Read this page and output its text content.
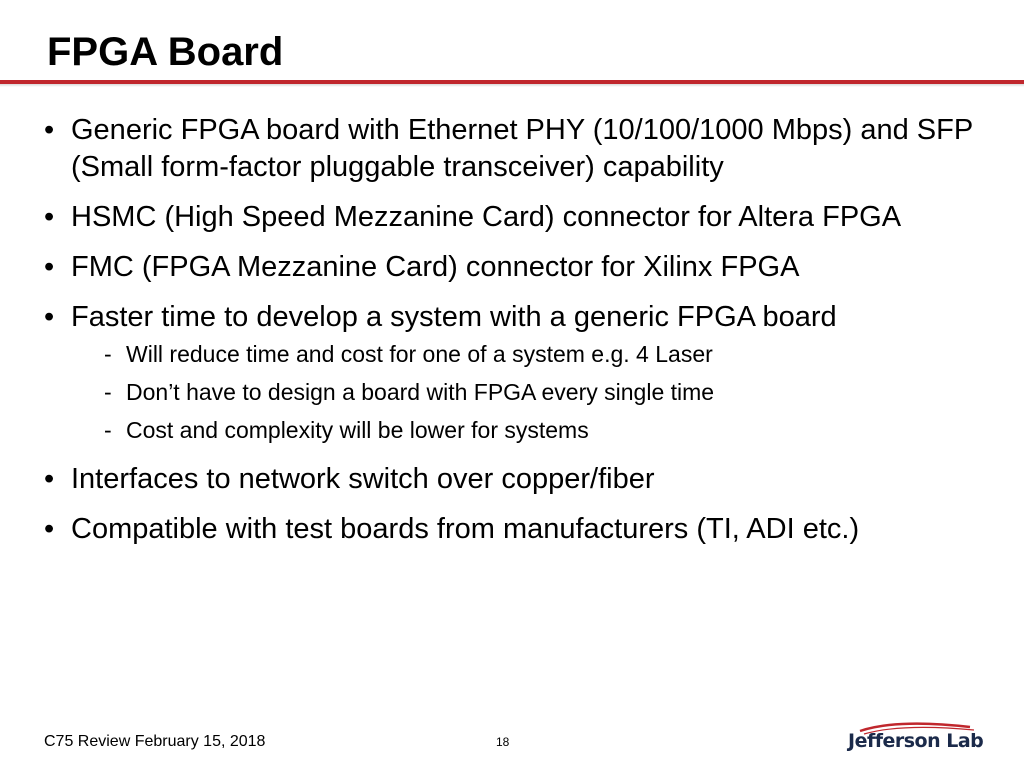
FPGA Board
• Generic FPGA board with Ethernet PHY (10/100/1000 Mbps) and SFP (Small form-factor pluggable transceiver) capability
• HSMC (High Speed Mezzanine Card) connector for Altera FPGA
• FMC (FPGA Mezzanine Card) connector for Xilinx FPGA
• Faster time to develop a system with a generic FPGA board
- Will reduce time and cost for one of a system e.g. 4 Laser
- Don’t have to design a board with FPGA every single time
- Cost and complexity will be lower for systems
• Interfaces to network switch over copper/fiber
• Compatible with test boards from manufacturers (TI, ADI etc.)
C75 Review February 15, 2018	18	Jefferson Lab
